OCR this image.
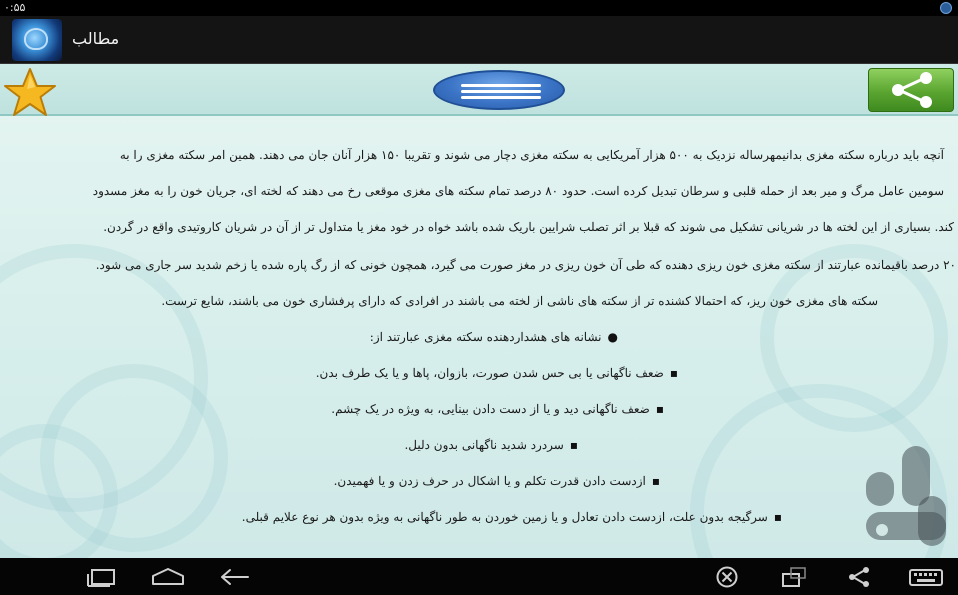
۰:۵۵
مطالب
آنچه باید درباره سکته مغزی بدانیمهرساله نزدیک به ۵۰۰ هزار آمریکایی به سکته مغزی دچار می شوند و تقریبا ۱۵۰ هزار آنان جان می دهند. همین امر سکته مغزی را به
سومین عامل مرگ و میر بعد از حمله قلبی و سرطان تبدیل کرده است. حدود ۸۰ درصد تمام سکته های مغزی موقعی رخ می دهند که لخته ای، جریان خون را به مغز مسدود
کند. بسیاری از این لخته ها در شریانی تشکیل می شوند که قبلا بر اثر تصلب شرایین باریک شده باشد خواه در خود مغز یا متداول تر از آن در شریان کاروتیدی واقع در گردن.
۲۰ درصد باقیمانده عبارتند از سکته مغزی خون ریزی دهنده که طی آن خون ریزی در مغز صورت می گیرد، همچون خونی که از رگ پاره شده یا زخم شدید سر جاری می شود.
سکته های مغزی خون ریز، که احتمالا کشنده تر از سکته های ناشی از لخته می باشند در افرادی که دارای پرفشاری خون می باشند، شایع ترست.
●نشانه های هشداردهنده سکته مغزی عبارتند از:
▪ضعف ناگهانی یا بی حس شدن صورت، بازوان، پاها و یا یک طرف بدن.
▪ضعف ناگهانی دید و یا از دست دادن بینایی، به ویژه در یک چشم.
▪سردرد شدید ناگهانی بدون دلیل.
▪ازدست دادن قدرت تکلم و یا اشکال در حرف زدن و یا فهمیدن.
▪سرگیجه بدون علت، ازدست دادن تعادل و یا زمین خوردن به طور ناگهانی به ویژه بدون هر نوع علایم قبلی.
